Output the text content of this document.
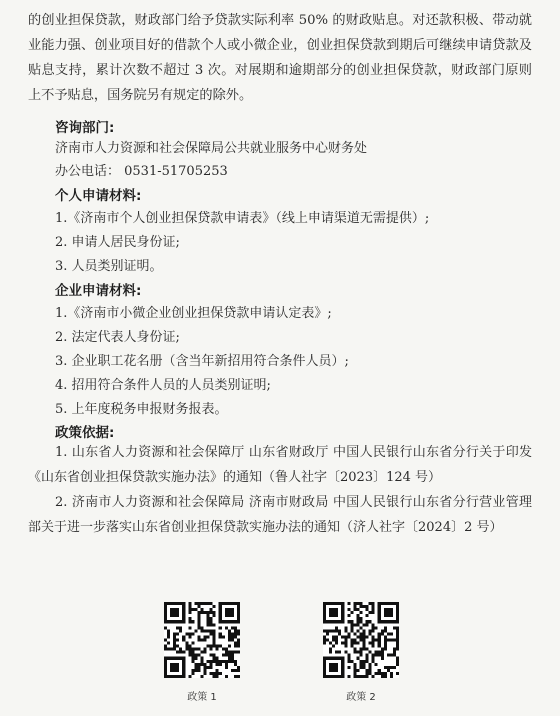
的创业担保贷款，财政部门给予贷款实际利率 50% 的财政贴息。对还款积极、带动就业能力强、创业项目好的借款个人或小微企业，创业担保贷款到期后可继续申请贷款及贴息支持，累计次数不超过 3 次。对展期和逾期部分的创业担保贷款，财政部门原则上不予贴息，国务院另有规定的除外。

咨询部门:
济南市人力资源和社会保障局公共就业服务中心财务处
办公电话： 0531-51705253
个人申请材料:
1.《济南市个人创业担保贷款申请表》（线上申请渠道无需提供）;
2. 申请人居民身份证;
3. 人员类别证明。
企业申请材料:
1.《济南市小微企业创业担保贷款申请认定表》;
2. 法定代表人身份证;
3. 企业职工花名册（含当年新招用符合条件人员）;
4. 招用符合条件人员的人员类别证明;
5. 上年度税务申报财务报表。
政策依据:
1. 山东省人力资源和社会保障厅 山东省财政厅 中国人民银行山东省分行关于印发《山东省创业担保贷款实施办法》的通知（鲁人社字〔2023〕124 号）
2. 济南市人力资源和社会保障局 济南市财政局 中国人民银行山东省分行营业管理部关于进一步落实山东省创业担保贷款实施办法的通知（济人社字〔2024〕2 号）
政策 1	政策 2
